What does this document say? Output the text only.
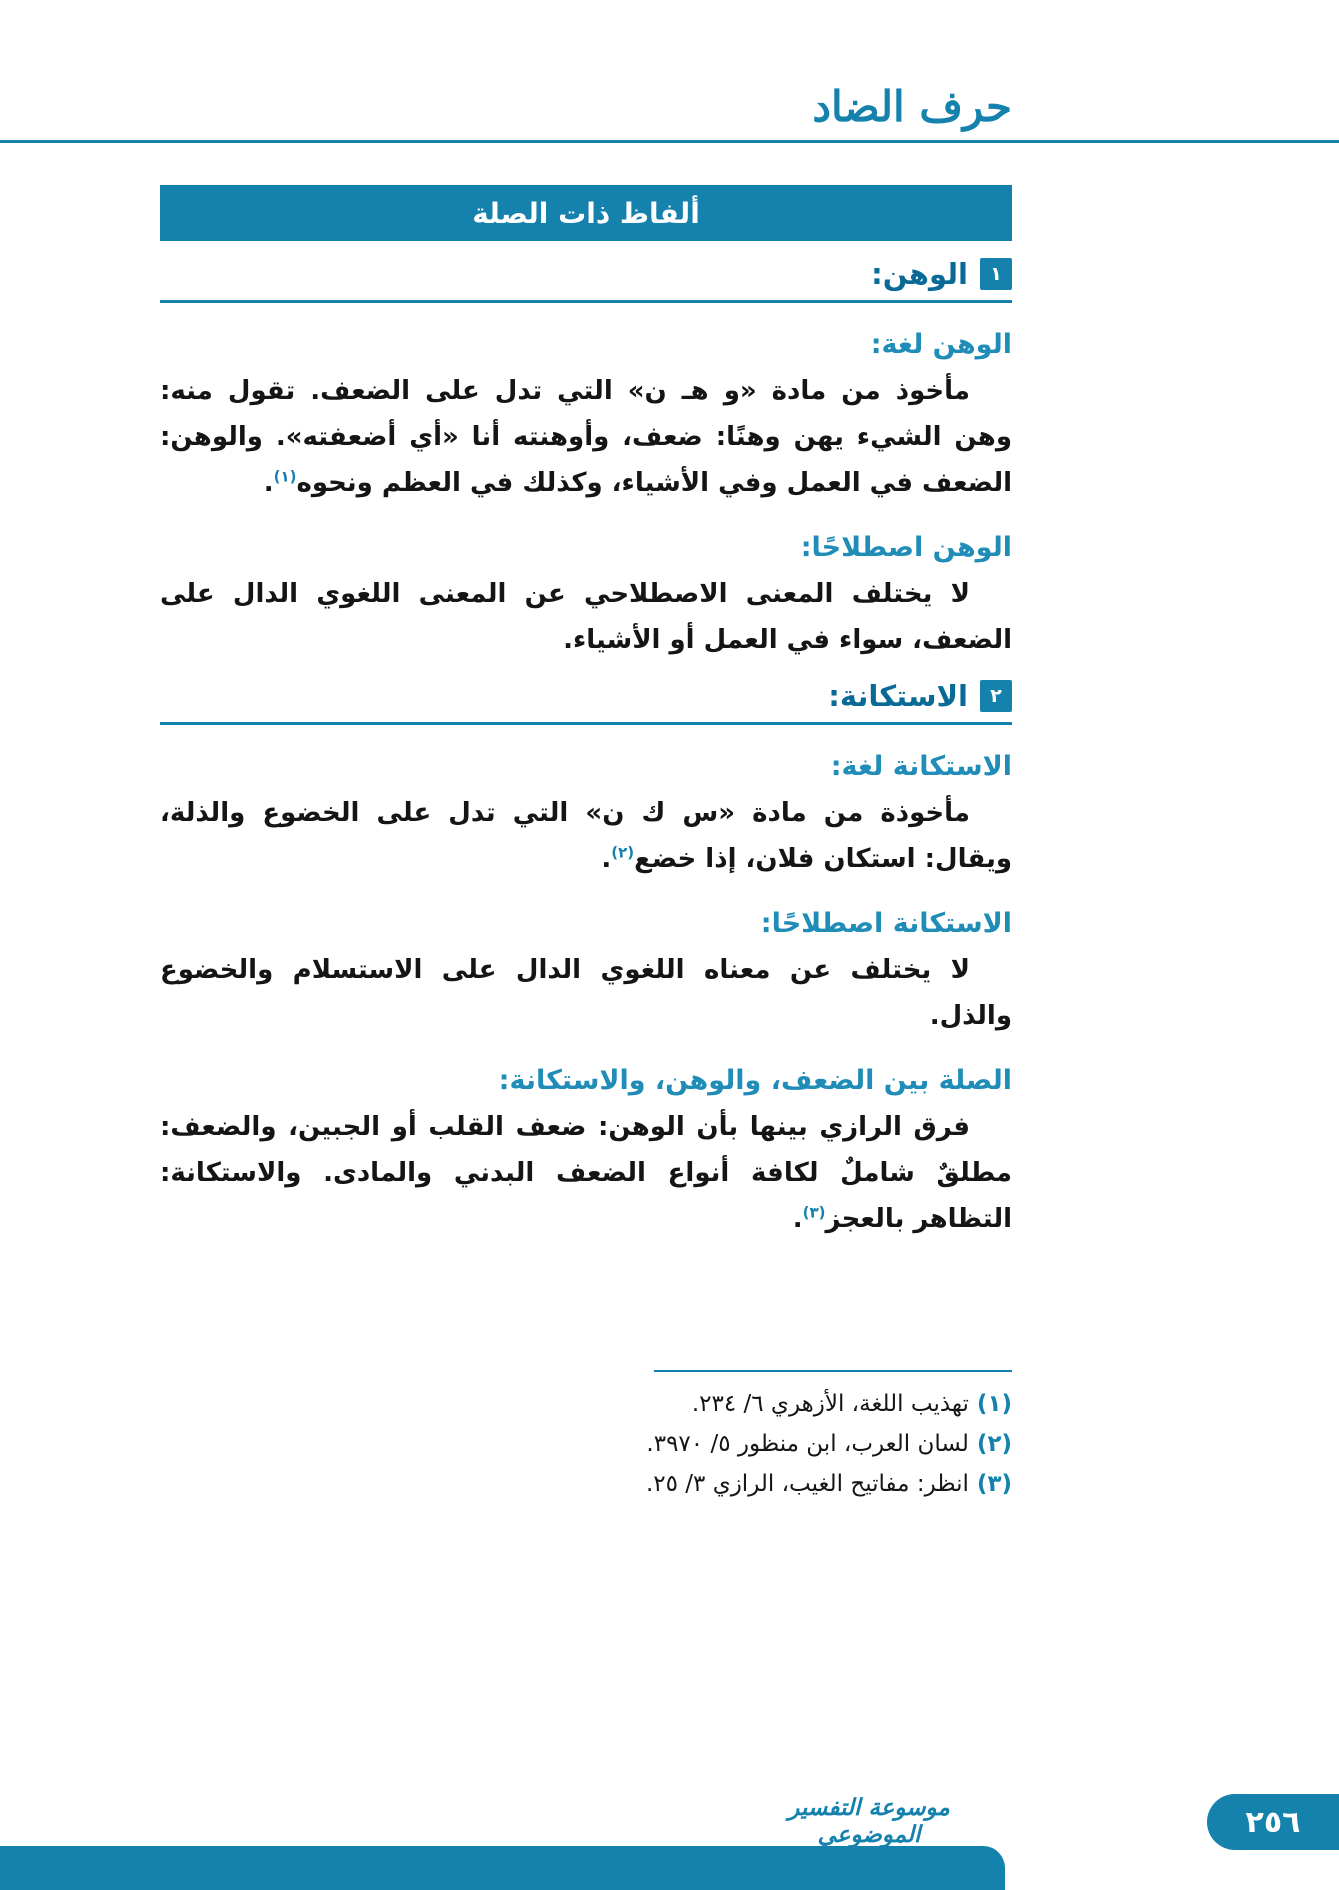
حرف الضاد
ألفاظ ذات الصلة
١
الوهن:
الوهن لغة:

مأخوذ من مادة «و هـ ن» التي تدل على الضعف. تقول منه: وهن الشيء يهن وهنًا: ضعف، وأوهنته أنا «أي أضعفته». والوهن: الضعف في العمل وفي الأشياء، وكذلك في العظم ونحوه$^{(١)}$.

الوهن اصطلاحًا:

لا يختلف المعنى الاصطلاحي عن المعنى اللغوي الدال على الضعف، سواء في العمل أو الأشياء.

٢
الاستكانة:
الاستكانة لغة:

مأخوذة من مادة «س ك ن» التي تدل على الخضوع والذلة، ويقال: استكان فلان، إذا خضع$^{(٢)}$.

الاستكانة اصطلاحًا:

لا يختلف عن معناه اللغوي الدال على الاستسلام والخضوع والذل.

الصلة بين الضعف، والوهن، والاستكانة:

فرق الرازي بينها بأن الوهن: ضعف القلب أو الجبين، والضعف: مطلقٌ شاملٌ لكافة أنواع الضعف البدني والمادى. والاستكانة: التظاهر بالعجز$^{(٣)}$.

(١)تهذيب اللغة، الأزهري ٦/ ٢٣٤.
(٢)لسان العرب، ابن منظور ٥/ ٣٩٧٠.
(٣)انظر: مفاتيح الغيب، الرازي ٣/ ٢٥.
موسوعة التفسير الموضوعي
للقرآن الكريم
٢٥٦
